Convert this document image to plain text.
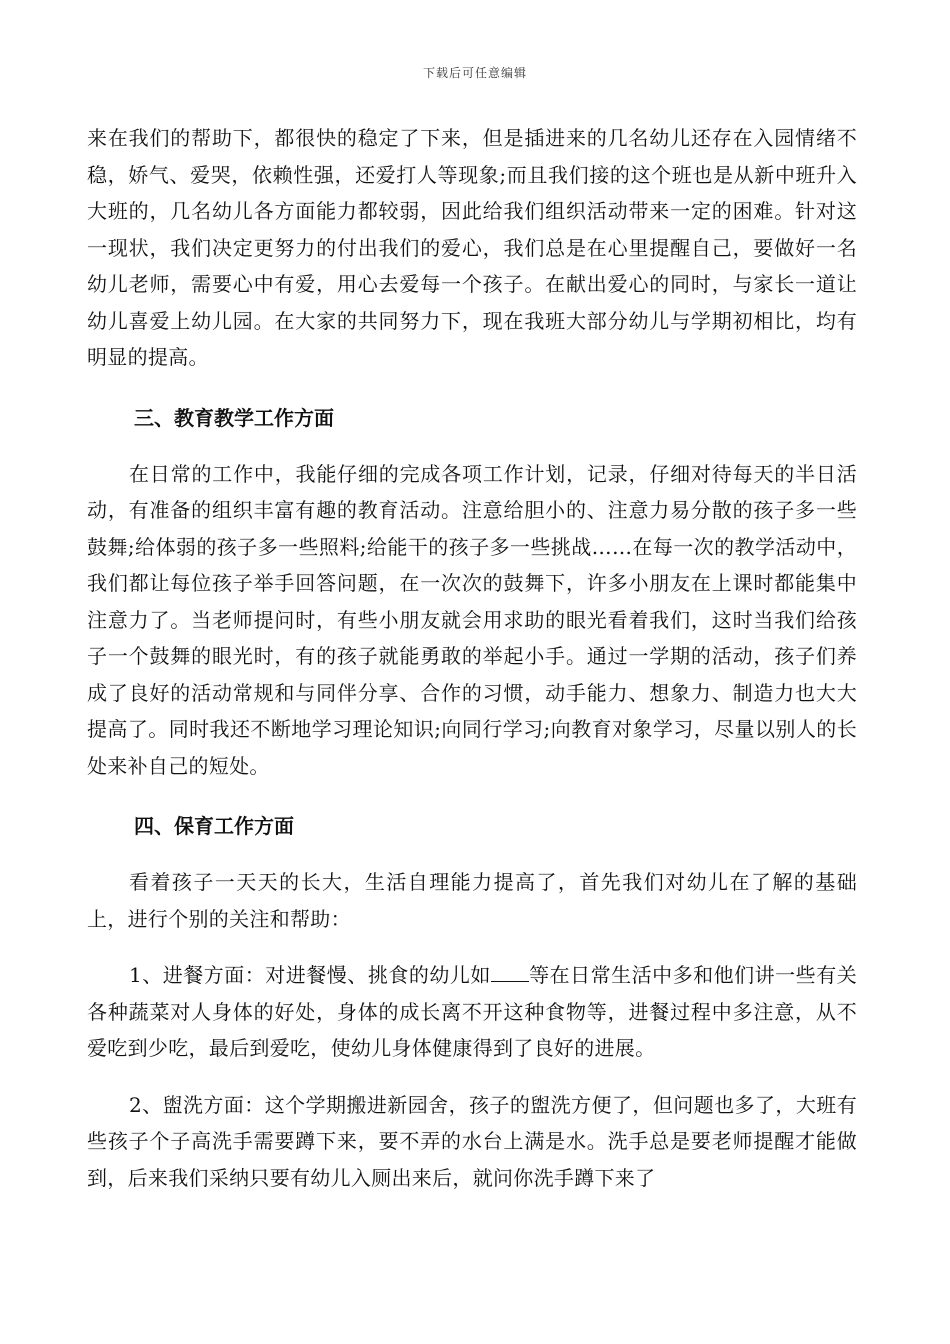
下载后可任意编辑

来在我们的帮助下，都很快的稳定了下来，但是插进来的几名幼儿还存在入园情绪不稳，娇气、爱哭，依赖性强，还爱打人等现象;而且我们接的这个班也是从新中班升入大班的，几名幼儿各方面能力都较弱，因此给我们组织活动带来一定的困难。针对这一现状，我们决定更努力的付出我们的爱心，我们总是在心里提醒自己，要做好一名幼儿老师，需要心中有爱，用心去爱每一个孩子。在献出爱心的同时，与家长一道让幼儿喜爱上幼儿园。在大家的共同努力下，现在我班大部分幼儿与学期初相比，均有明显的提高。

三、教育教学工作方面

在日常的工作中，我能仔细的完成各项工作计划，记录，仔细对待每天的半日活动，有准备的组织丰富有趣的教育活动。注意给胆小的、注意力易分散的孩子多一些鼓舞;给体弱的孩子多一些照料;给能干的孩子多一些挑战……在每一次的教学活动中，我们都让每位孩子举手回答问题，在一次次的鼓舞下，许多小朋友在上课时都能集中注意力了。当老师提问时，有些小朋友就会用求助的眼光看着我们，这时当我们给孩子一个鼓舞的眼光时，有的孩子就能勇敢的举起小手。通过一学期的活动，孩子们养成了良好的活动常规和与同伴分享、合作的习惯，动手能力、想象力、制造力也大大提高了。同时我还不断地学习理论知识;向同行学习;向教育对象学习，尽量以别人的长处来补自己的短处。

四、保育工作方面

看着孩子一天天的长大，生活自理能力提高了，首先我们对幼儿在了解的基础上，进行个别的关注和帮助：

1、进餐方面：对进餐慢、挑食的幼儿如 等在日常生活中多和他们讲一些有关各种蔬菜对人身体的好处，身体的成长离不开这种食物等，进餐过程中多注意，从不爱吃到少吃，最后到爱吃，使幼儿身体健康得到了良好的进展。

2、盥洗方面：这个学期搬进新园舍，孩子的盥洗方便了，但问题也多了，大班有些孩子个子高洗手需要蹲下来，要不弄的水台上满是水。洗手总是要老师提醒才能做到，后来我们采纳只要有幼儿入厕出来后，就问你洗手蹲下来了
